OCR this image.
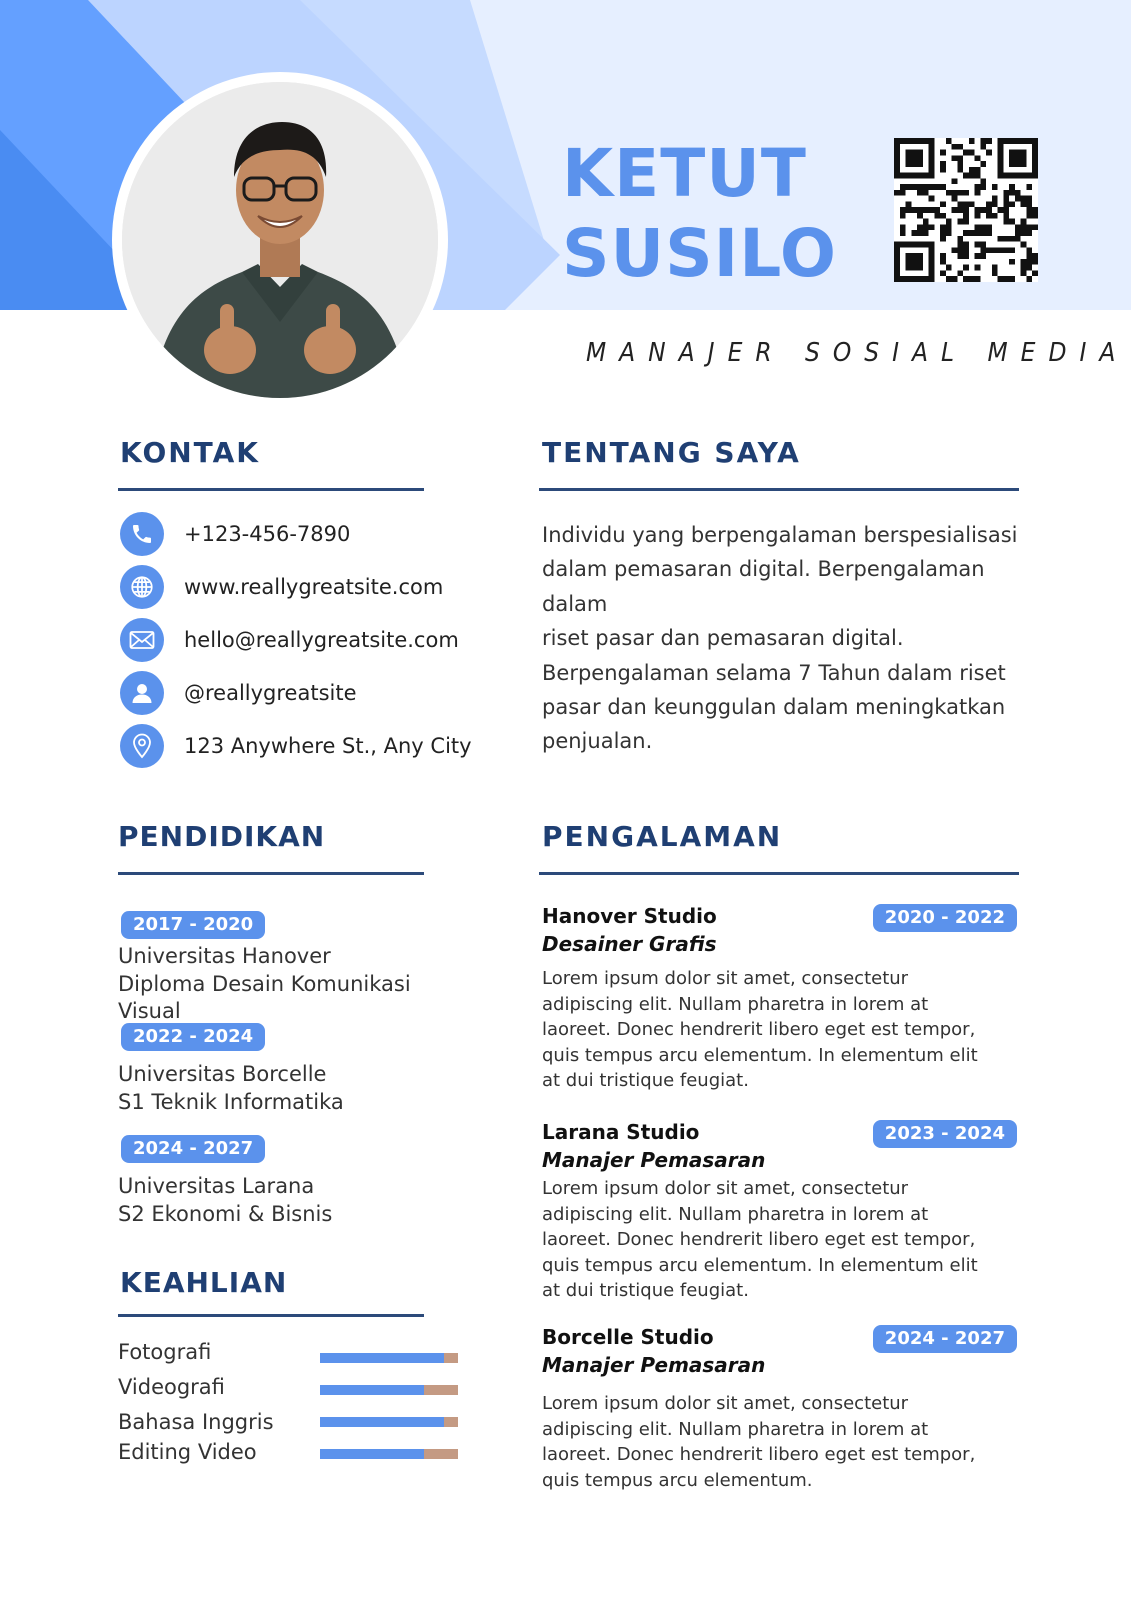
KETUT
SUSILO
MANAJER SOSIAL MEDIA
KONTAK
+123-456-7890
www.reallygreatsite.com
hello@reallygreatsite.com
@reallygreatsite
123 Anywhere St., Any City
TENTANG SAYA

Individu yang berpengalaman berspesialisasi
dalam pemasaran digital. Berpengalaman
dalam
riset pasar dan pemasaran digital.
Berpengalaman selama 7 Tahun dalam riset
pasar dan keunggulan dalam meningkatkan
penjualan.

PENDIDIKAN
2017 - 2020
Universitas Hanover
Diploma Desain Komunikasi
Visual
2022 - 2024
Universitas Borcelle
S1 Teknik Informatika
2024 - 2027
Universitas Larana
S2 Ekonomi & Bisnis
KEAHLIAN
Fotografi
Videografi
Bahasa Inggris
Editing Video
PENGALAMAN
Hanover Studio
Desainer Grafis
2020 - 2022
Lorem ipsum dolor sit amet, consectetur
adipiscing elit. Nullam pharetra in lorem at
laoreet. Donec hendrerit libero eget est tempor,
quis tempus arcu elementum. In elementum elit
at dui tristique feugiat.
Larana Studio
Manajer Pemasaran
2023 - 2024
Lorem ipsum dolor sit amet, consectetur
adipiscing elit. Nullam pharetra in lorem at
laoreet. Donec hendrerit libero eget est tempor,
quis tempus arcu elementum. In elementum elit
at dui tristique feugiat.
Borcelle Studio
Manajer Pemasaran
2024 - 2027
Lorem ipsum dolor sit amet, consectetur
adipiscing elit. Nullam pharetra in lorem at
laoreet. Donec hendrerit libero eget est tempor,
quis tempus arcu elementum.
